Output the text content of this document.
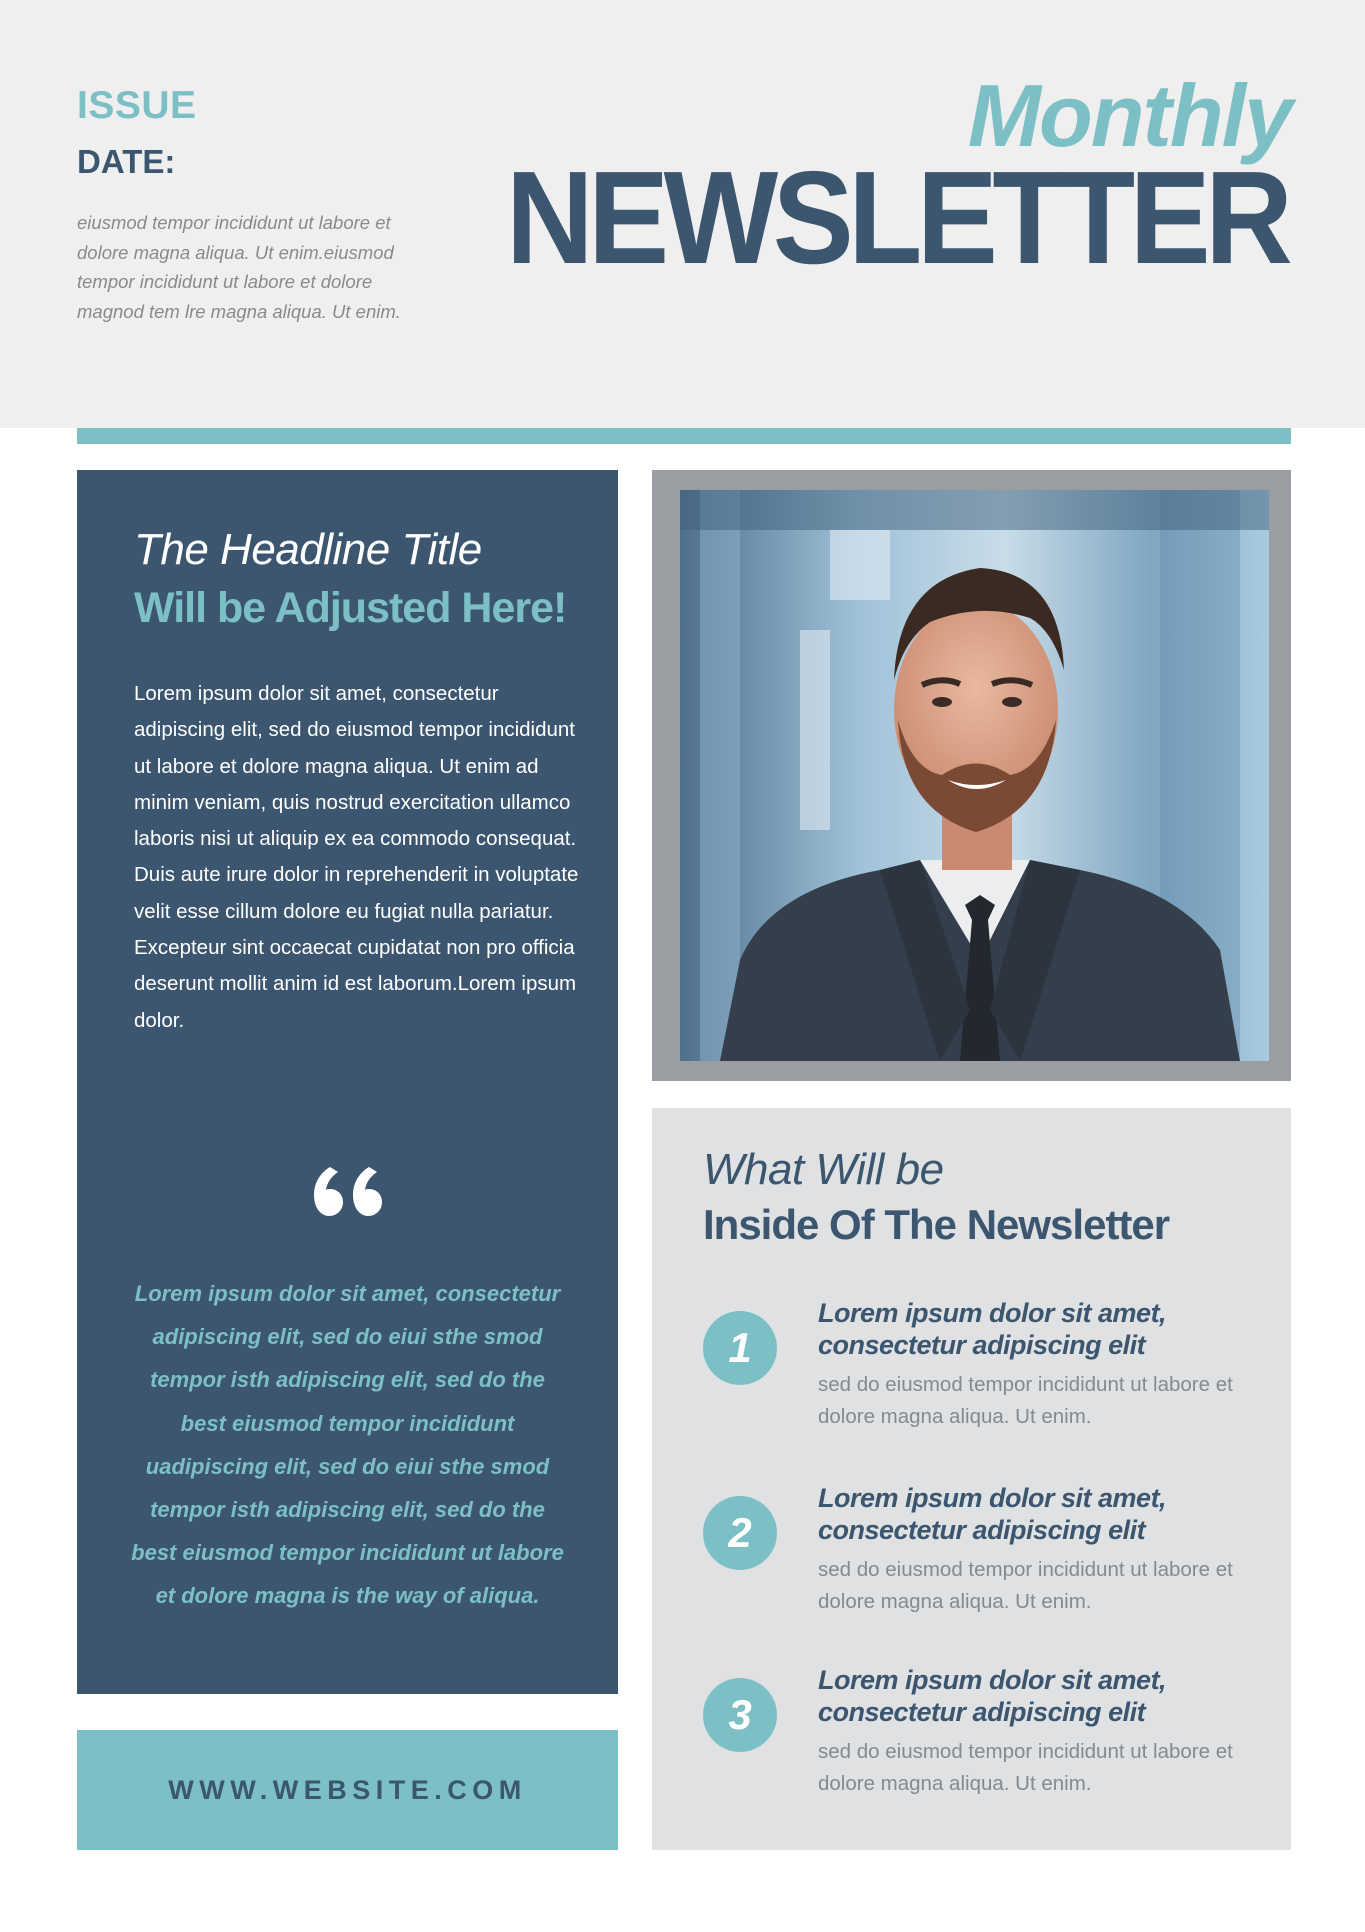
ISSUE
DATE:
eiusmod tempor incididunt ut labore et dolore magna aliqua. Ut enim.eiusmod tempor incididunt ut labore et dolore magnod tem lre magna aliqua. Ut enim.
Monthly
NEWSLETTER
The Headline Title
Will be Adjusted Here!
Lorem ipsum dolor sit amet, consectetur adipiscing elit, sed do eiusmod tempor incididunt ut labore et dolore magna aliqua. Ut enim ad minim veniam, quis nostrud exercitation ullamco laboris nisi ut aliquip ex ea commodo consequat. Duis aute irure dolor in reprehenderit in voluptate velit esse cillum dolore eu fugiat nulla pariatur. Excepteur sint occaecat cupidatat non pro officia deserunt mollit anim id est laborum.Lorem ipsum dolor.
Lorem ipsum dolor sit amet, consectetur adipiscing elit, sed do eiui sthe smod tempor isth adipiscing elit, sed do the best eiusmod tempor incididunt uadipiscing elit, sed do eiui sthe smod tempor isth adipiscing elit, sed do the best eiusmod tempor incididunt ut labore et dolore magna is the way of aliqua.
WWW.WEBSITE.COM
What Will be
Inside Of The Newsletter
1
Lorem ipsum dolor sit amet, consectetur adipiscing elit
sed do eiusmod tempor incididunt ut labore et dolore magna aliqua. Ut enim.
2
Lorem ipsum dolor sit amet, consectetur adipiscing elit
sed do eiusmod tempor incididunt ut labore et dolore magna aliqua. Ut enim.
3
Lorem ipsum dolor sit amet, consectetur adipiscing elit
sed do eiusmod tempor incididunt ut labore et dolore magna aliqua. Ut enim.
